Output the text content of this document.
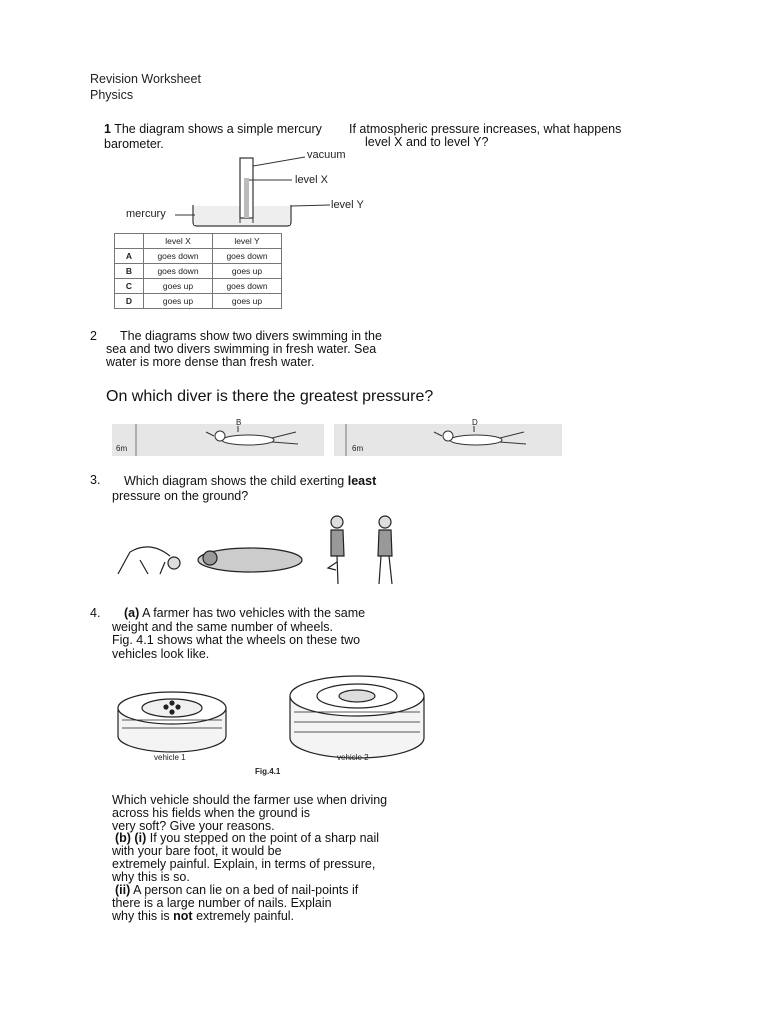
Revision Worksheet
Physics
1 The diagram shows a simple mercury
barometer.
If atmospheric pressure increases, what happens
level X and to level Y?
vacuum
level X
level Y
mercury
	level X	level Y
A	goes down	goes down
B	goes down	goes up
C	goes up	goes down
D	goes up	goes up
2 The diagrams show two divers swimming in the
sea and two divers swimming in fresh water. Sea
water is more dense than fresh water.
On which diver is there the greatest pressure?
6m	6m
B	D
3. Which diagram shows the child exerting least
pressure on the ground?
4. (a) A farmer has two vehicles with the same
weight and the same number of wheels.
Fig. 4.1 shows what the wheels on these two
vehicles look like.
vehicle 1	vehicle 2
Fig.4.1
Which vehicle should the farmer use when driving
across his fields when the ground is
very soft? Give your reasons.
(b) (i) If you stepped on the point of a sharp nail
with your bare foot, it would be
extremely painful. Explain, in terms of pressure,
why this is so.
(ii) A person can lie on a bed of nail-points if
there is a large number of nails. Explain
why this is not extremely painful.
